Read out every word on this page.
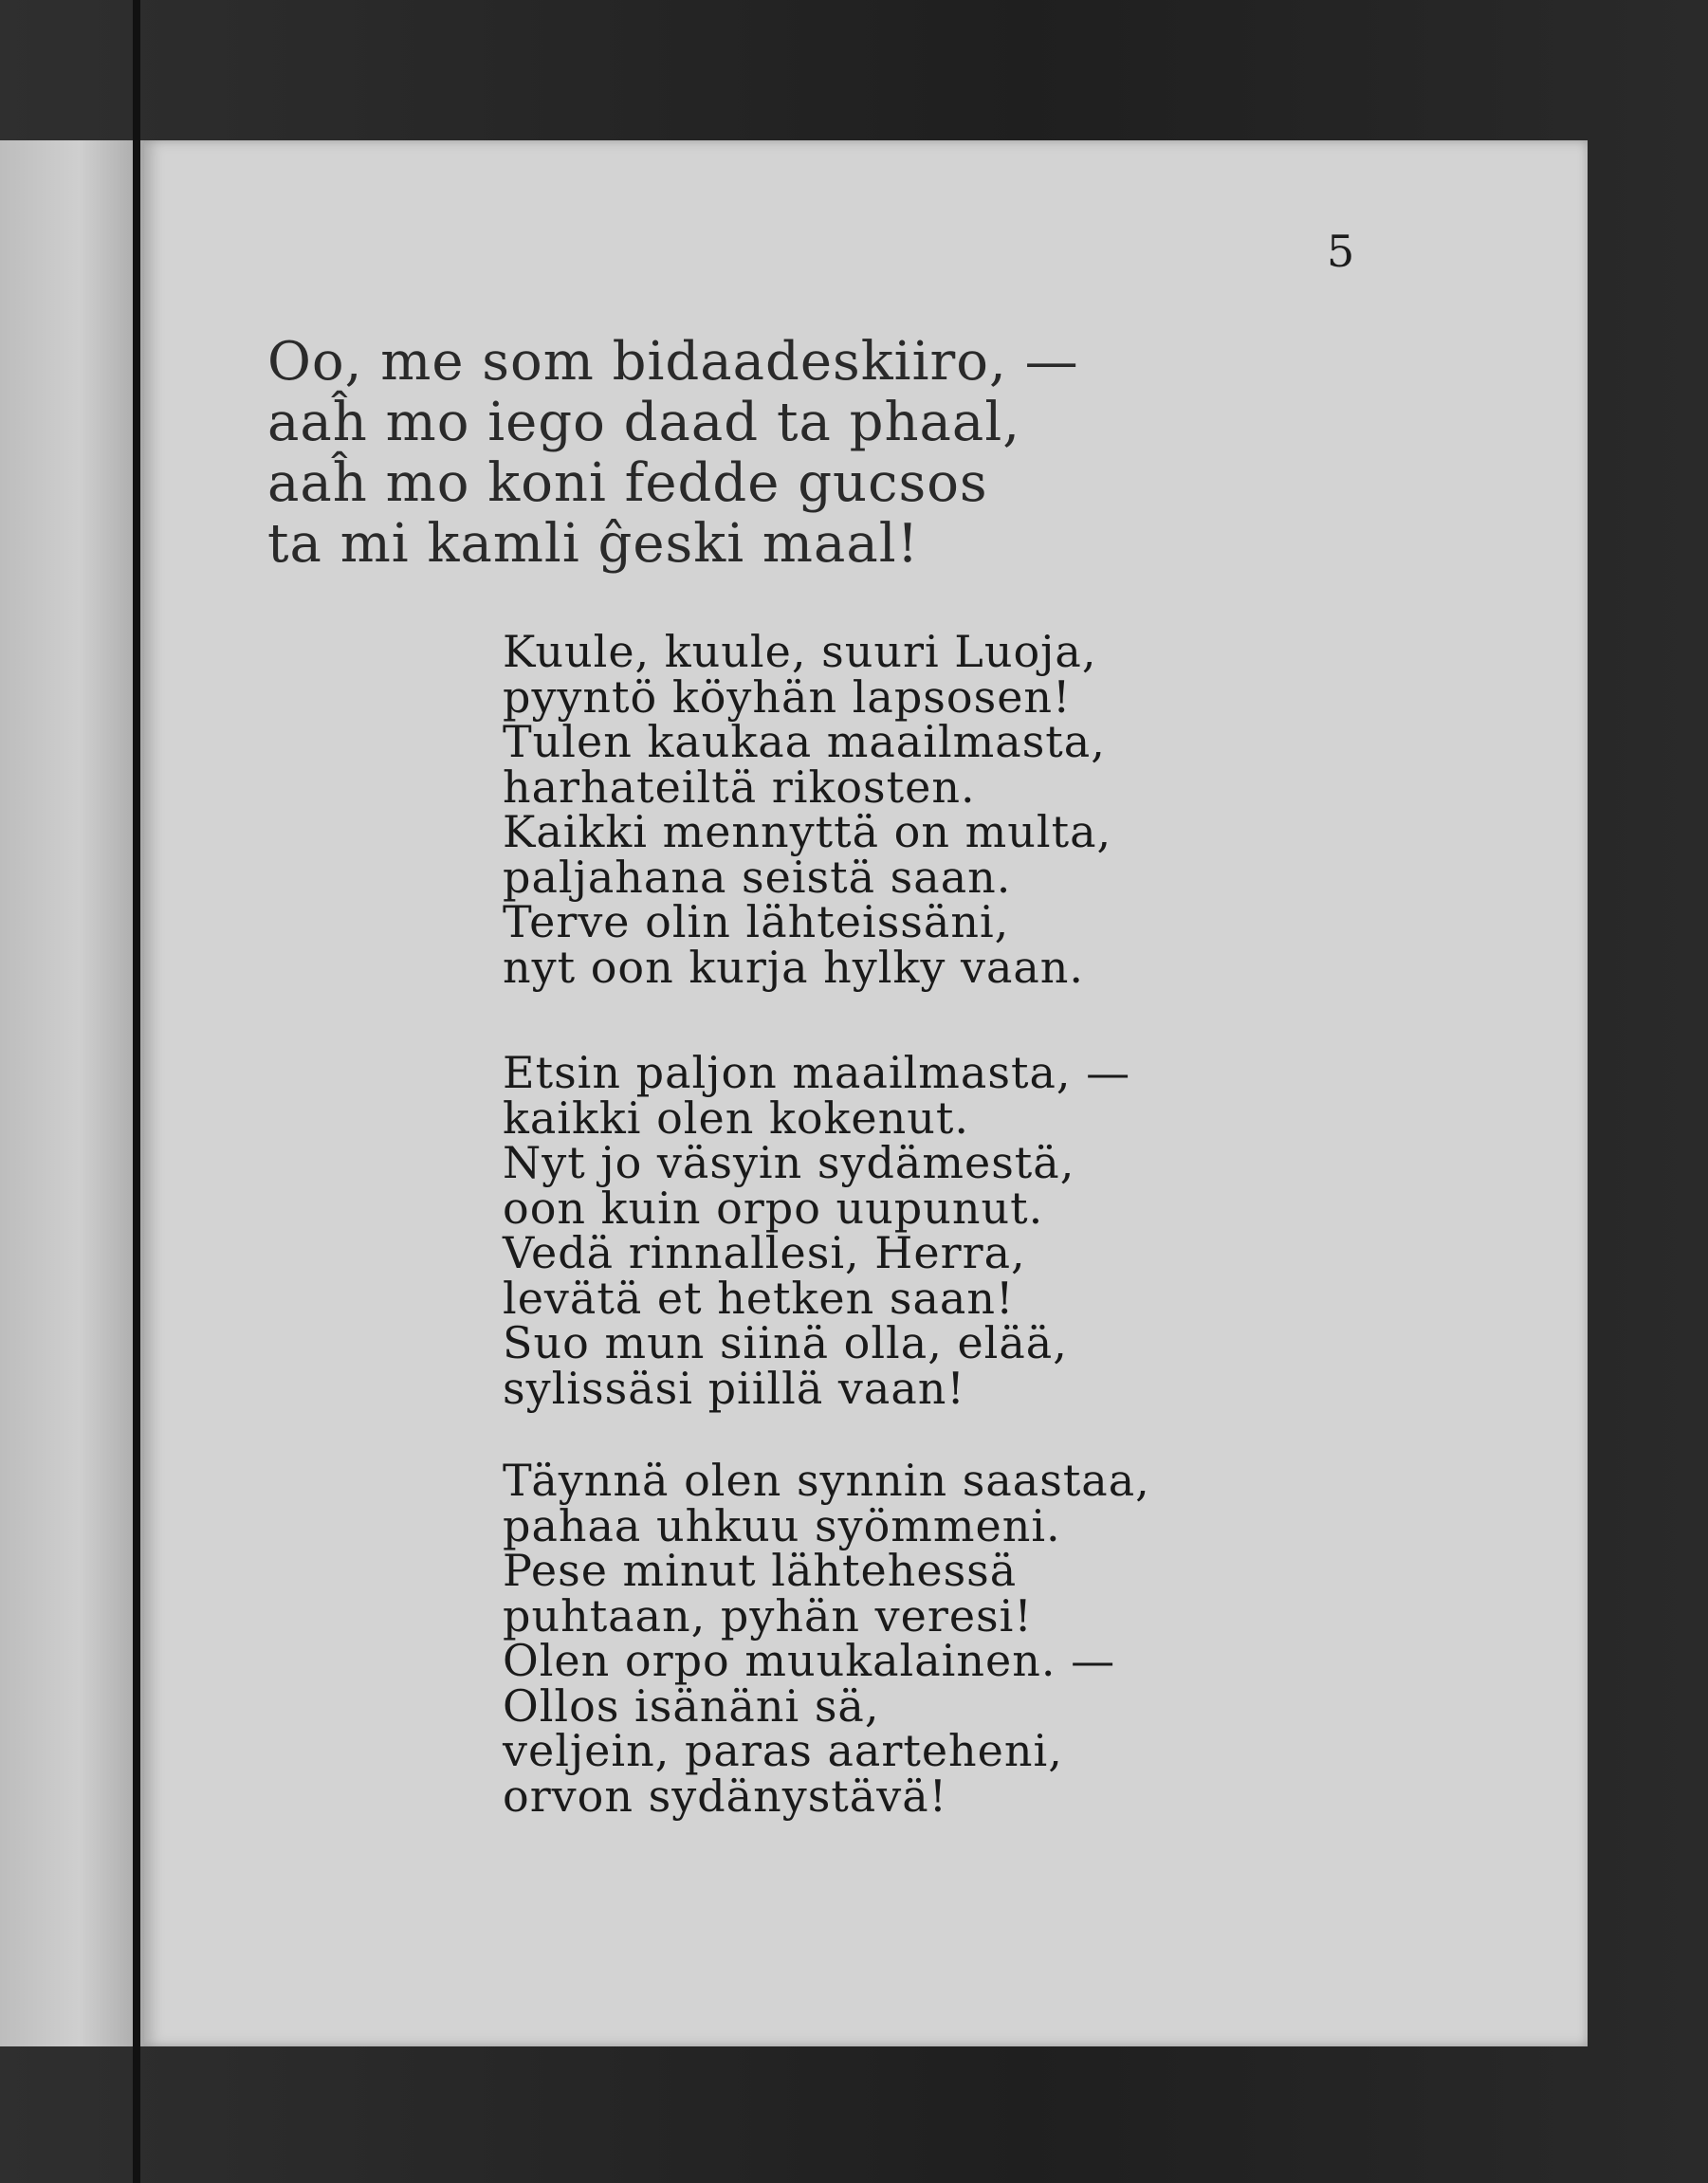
5
Oo, me som bidaadeskiiro, —
aaĥ mo iego daad ta phaal,
aaĥ mo koni fedde gucsos
ta mi kamli ĝeski maal!
Kuule, kuule, suuri Luoja,
pyyntö köyhän lapsosen!
Tulen kaukaa maailmasta,
harhateiltä rikosten.
Kaikki mennyttä on multa,
paljahana seistä saan.
Terve olin lähteissäni,
nyt oon kurja hylky vaan.
Etsin paljon maailmasta, —
kaikki olen kokenut.
Nyt jo väsyin sydämestä,
oon kuin orpo uupunut.
Vedä rinnallesi, Herra,
levätä et hetken saan!
Suo mun siinä olla, elää,
sylissäsi piillä vaan!
Täynnä olen synnin saastaa,
pahaa uhkuu syömmeni.
Pese minut lähtehessä
puhtaan, pyhän veresi!
Olen orpo muukalainen. —
Ollos isänäni sä,
veljein, paras aarteheni,
orvon sydänystävä!
